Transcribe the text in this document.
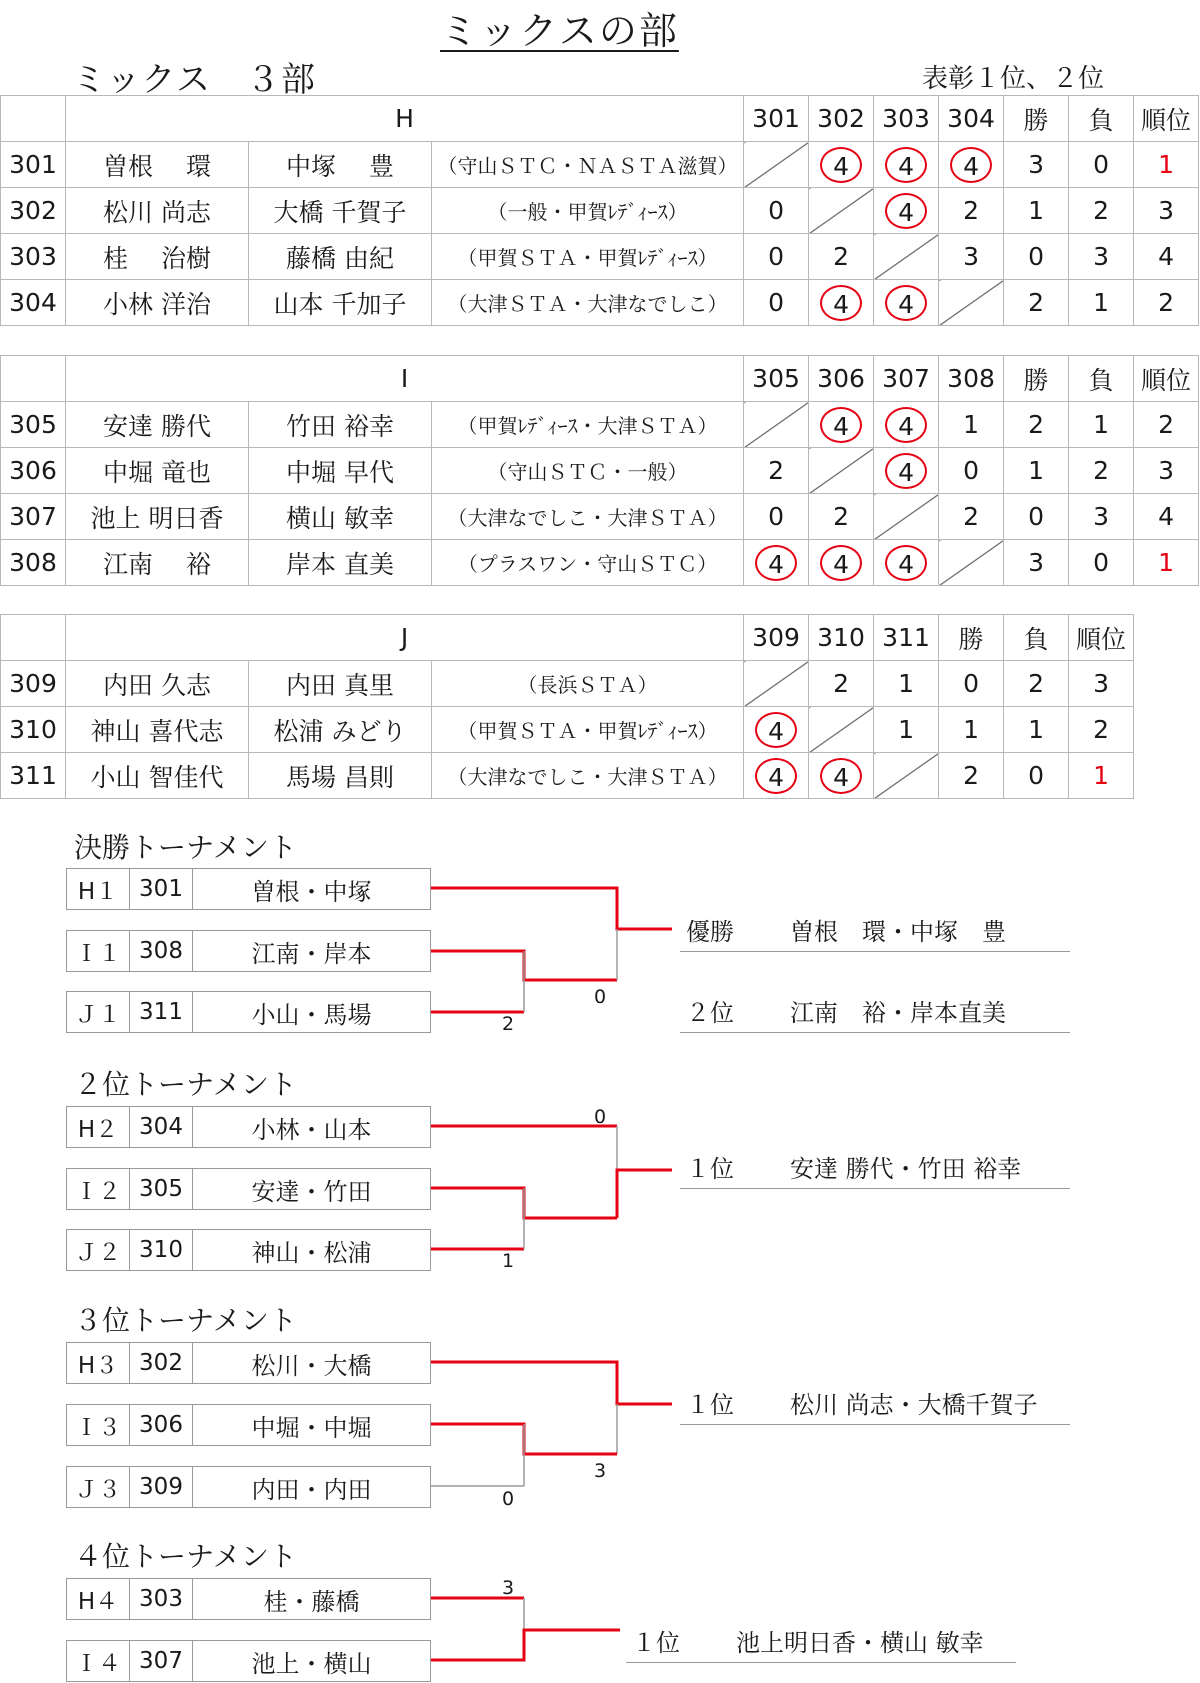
ミックスの部
ミックス　３部	表彰１位、２位
	H			301	302	303	304	勝	負	順位
301	曽根　 環	中塚　 豊	（守山ＳＴＣ・ＮＡＳＴＡ滋賀）		4	4	4	3	0	1
302	松川 尚志	大橋 千賀子	（一般・甲賀ﾚﾃﾞｨｰｽ）	0		4	2	1	2	3
303	桂　 治樹	藤橋 由紀	（甲賀ＳＴＡ・甲賀ﾚﾃﾞｨｰｽ）	0	2		3	0	3	4
304	小林 洋治	山本 千加子	（大津ＳＴＡ・大津なでしこ）	0	4	4		2	1	2
	I			305	306	307	308	勝	負	順位
305	安達 勝代	竹田 裕幸	（甲賀ﾚﾃﾞｨｰｽ・大津ＳＴＡ）		4	4	1	2	1	2
306	中堀 竜也	中堀 早代	（守山ＳＴＣ・一般）	2		4	0	1	2	3
307	池上 明日香	横山 敏幸	（大津なでしこ・大津ＳＴＡ）	0	2		2	0	3	4
308	江南　 裕	岸本 直美	（プラスワン・守山ＳＴＣ）	4	4	4		3	0	1
	J			309	310	311	勝	負	順位
309	内田 久志	内田 真里	（長浜ＳＴＡ）		2	1	0	2	3
310	神山 喜代志	松浦 みどり	（甲賀ＳＴＡ・甲賀ﾚﾃﾞｨｰｽ）	4		1	1	1	2
311	小山 智佳代	馬場 昌則	（大津なでしこ・大津ＳＴＡ）	4	4		2	0	1
決勝トーナメント
H１ 301	曽根・中塚
Ｉ１ 308	江南・岸本
Ｊ１ 311	小山・馬場
0
2
優勝 曽根　環・中塚　豊
２位 江南　裕・岸本直美
２位トーナメント
H２ 304	小林・山本
Ｉ２ 305	安達・竹田
Ｊ２ 310	神山・松浦
0
1
１位 安達 勝代・竹田 裕幸
３位トーナメント
H３ 302	松川・大橋
Ｉ３ 306	中堀・中堀
Ｊ３ 309	内田・内田
3
0
１位 松川 尚志・大橋千賀子
４位トーナメント
H４ 303	桂・藤橋
Ｉ４ 307	池上・横山
3
１位 池上明日香・横山 敏幸
